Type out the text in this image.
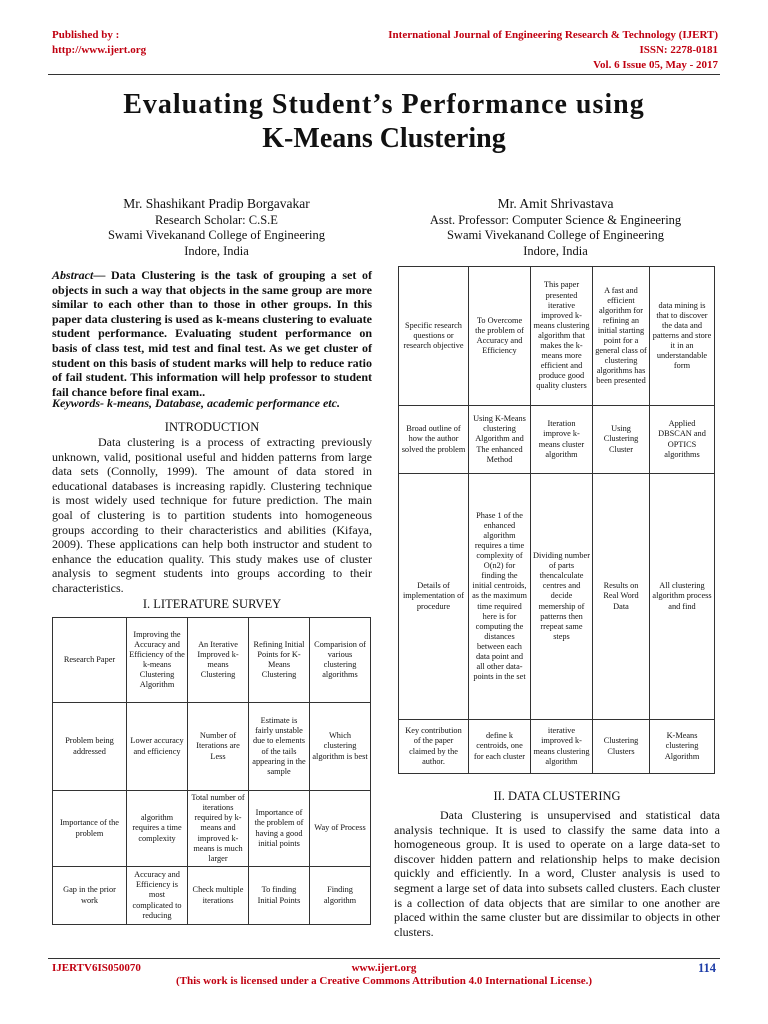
Published by :
http://www.ijert.org
International Journal of Engineering Research & Technology (IJERT)
ISSN: 2278-0181
Vol. 6 Issue 05, May - 2017
Evaluating Student’s Performance using
K-Means Clustering
Mr. Shashikant Pradip Borgavakar
Research Scholar: C.S.E
Swami Vivekanand College of Engineering
Indore, India
Mr. Amit Shrivastava
Asst. Professor: Computer Science & Engineering
Swami Vivekanand College of Engineering
Indore, India
Abstract— Data Clustering is the task of grouping a set of objects in such a way that objects in the same group are more similar to each other than to those in other groups. In this paper data clustering is used as k-means clustering to evaluate student performance. Evaluating student performance on basis of class test, mid test and final test. As we get cluster of student on this basis of student marks will help to reduce ratio of fail student. This information will help professor to student fail chance before final exam..
Keywords- k-means, Database, academic performance etc.
INTRODUCTION

Data clustering is a process of extracting previously unknown, valid, positional useful and hidden patterns from large data sets (Connolly, 1999). The amount of data stored in educational databases is increasing rapidly. Clustering technique is most widely used technique for future prediction. The main goal of clustering is to partition students into homogeneous groups according to their characteristics and abilities (Kifaya, 2009). These applications can help both instructor and student to enhance the education quality. This study makes use of cluster analysis to segment students into groups according to their characteristics.

I. LITERATURE SURVEY
Research Paper	Improving the Accuracy and Efficiency of the k-means Clustering Algorithm	An Iterative Improved k-means Clustering	Refining Initial Points for K-Means Clustering	Comparision of various clustering algorithms
Problem being addressed	Lower accuracy and efficiency	Number of Iterations are Less	Estimate is fairly unstable due to elements of the tails appearing in the sample	Which clustering algorithm is best
Importance of the problem	algorithm requires a time complexity	Total number of iterations required by k-means and improved k-means is much larger	Importance of the problem of having a good initial points	Way of Process
Gap in the prior work	Accuracy and Efficiency is most complicated to reducing	Check multiple iterations	To finding Initial Points	Finding algorithm
Specific research questions or research objective	To Overcome the problem of Accuracy and Efficiency	This paper presented iterative improved k-means clustering algorithm that makes the k-means more efficient and produce good quality clusters	A fast and efficient algorithm for refining an initial starting point for a general class of clustering algorithms has been presented	data mining is that to discover the data and patterns and store it in an understandable form
Broad outline of how the author solved the problem	Using K-Means clustering Algorithm and The enhanced Method	Iteration improve k-means cluster algorithm	Using Clustering Cluster	Applied DBSCAN and OPTICS algorithms
Details of implementation of procedure	Phase 1 of the enhanced algorithm requires a time complexity of O(n2) for finding the initial centroids, as the maximum time required here is for computing the distances between each data point and all other data-points in the set	Dividing number of parts thencalculate centres and decide memership of patterns then rrepeat same steps	Results on Real Word Data	All clustering algorithm process and find
Key contribution of the paper claimed by the author.	define k centroids, one for each cluster	iterative improved k-means clustering algorithm	Clustering Clusters	K-Means clustering Algorithm
II. DATA CLUSTERING

Data Clustering is unsupervised and statistical data analysis technique. It is used to classify the same data into a homogeneous group. It is used to operate on a large data-set to discover hidden pattern and relationship helps to make decision quickly and efficiently. In a word, Cluster analysis is used to segment a large set of data into subsets called clusters. Each cluster is a collection of data objects that are similar to one another are placed within the same cluster but are dissimilar to objects in other clusters.

IJERTV6IS050070	www.ijert.org
(This work is licensed under a Creative Commons Attribution 4.0 International License.)
114
